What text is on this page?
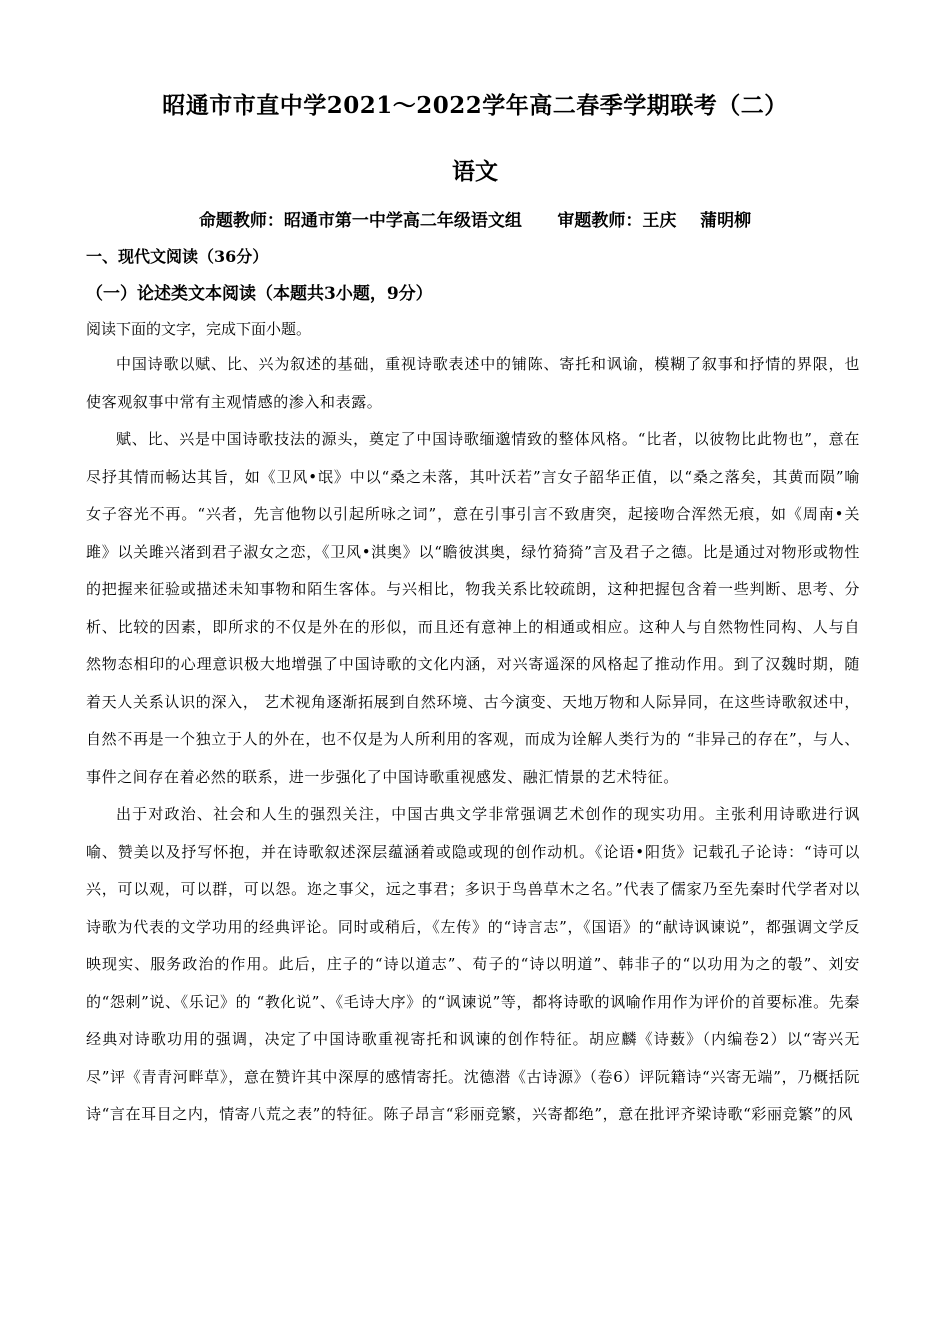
昭通市市直中学2021～2022学年高二春季学期联考（二）
语文
命题教师：昭通市第一中学高二年级语文组      审题教师：王庆    蒲明柳
一、现代文阅读（36分）
（一）论述类文本阅读（本题共3小题，9分）
阅读下面的文字，完成下面小题。

中国诗歌以赋、比、兴为叙述的基础，重视诗歌表述中的铺陈、寄托和讽谕，模糊了叙事和抒情的界限，也使客观叙事中常有主观情感的渗入和表露。

赋、比、兴是中国诗歌技法的源头，奠定了中国诗歌缅邈情致的整体风格。“比者，以彼物比此物也”，意在尽抒其情而畅达其旨，如《卫风•氓》中以“桑之未落，其叶沃若”言女子韶华正值，以“桑之落矣，其黄而陨”喻女子容光不再。“兴者，先言他物以引起所咏之词”，意在引事引言不致唐突，起接吻合浑然无痕，如《周南•关雎》以关雎兴渚到君子淑女之恋，《卫风•淇奥》以“瞻彼淇奥，绿竹猗猗”言及君子之德。比是通过对物形或物性的把握来征验或描述未知事物和陌生客体。与兴相比，物我关系比较疏朗，这种把握包含着一些判断、思考、分析、比较的因素，即所求的不仅是外在的形似，而且还有意神上的相通或相应。这种人与自然物性同构、人与自然物态相印的心理意识极大地增强了中国诗歌的文化内涵，对兴寄遥深的风格起了推动作用。到了汉魏时期，随着天人关系认识的深入， 艺术视角逐渐拓展到自然环境、古今演变、天地万物和人际异同，在这些诗歌叙述中，自然不再是一个独立于人的外在，也不仅是为人所利用的客观，而成为诠解人类行为的 “非异己的存在”，与人、事件之间存在着必然的联系，进一步强化了中国诗歌重视感发、融汇情景的艺术特征。

出于对政治、社会和人生的强烈关注，中国古典文学非常强调艺术创作的现实功用。主张利用诗歌进行讽喻、赞美以及抒写怀抱，并在诗歌叙述深层蕴涵着或隐或现的创作动机。《论语•阳货》记载孔子论诗：“诗可以兴，可以观，可以群，可以怨。迩之事父，远之事君；多识于鸟兽草木之名。”代表了儒家乃至先秦时代学者对以诗歌为代表的文学功用的经典评论。同时或稍后，《左传》的“诗言志”，《国语》的“献诗讽谏说”，都强调文学反映现实、服务政治的作用。此后，庄子的“诗以道志”、荀子的“诗以明道”、韩非子的“以功用为之的彀”、刘安的“怨刺”说、《乐记》的 “教化说”、《毛诗大序》的“讽谏说”等，都将诗歌的讽喻作用作为评价的首要标准。先秦经典对诗歌功用的强调，决定了中国诗歌重视寄托和讽谏的创作特征。胡应麟《诗薮》（内编卷2）以“寄兴无尽”评《青青河畔草》，意在赞许其中深厚的感情寄托。沈德潜《古诗源》（卷6）评阮籍诗“兴寄无端”，乃概括阮诗“言在耳目之内，情寄八荒之表”的特征。陈子昂言“彩丽竞繁，兴寄都绝”，意在批评齐梁诗歌“彩丽竞繁”的风
